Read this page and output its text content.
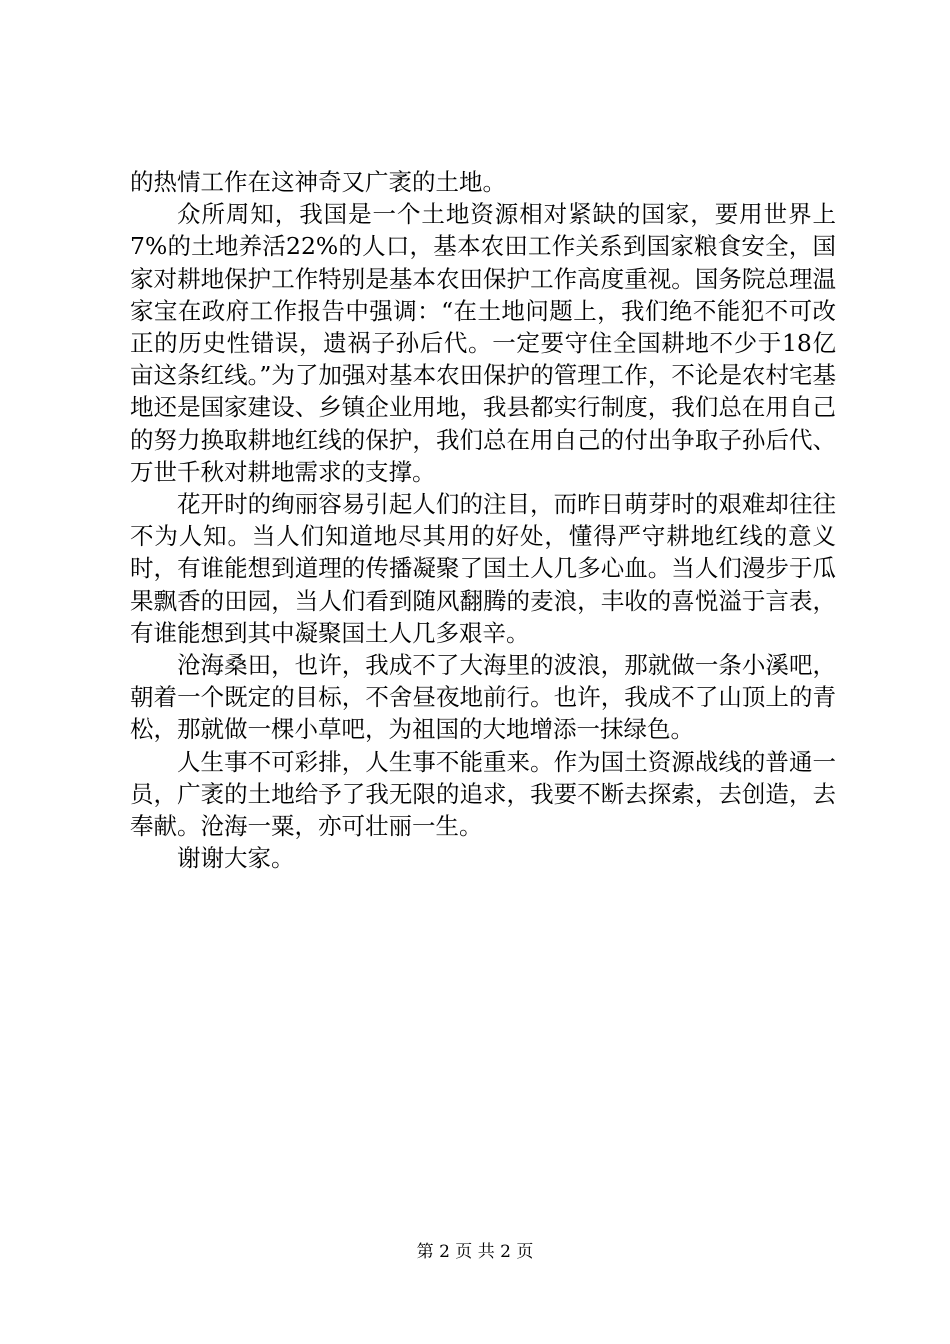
的热情工作在这神奇又广袤的土地。

众所周知，我国是一个土地资源相对紧缺的国家，要用世界上7%的土地养活22%的人口，基本农田工作关系到国家粮食安全，国家对耕地保护工作特别是基本农田保护工作高度重视。国务院总理温家宝在政府工作报告中强调：“在土地问题上，我们绝不能犯不可改正的历史性错误，遗祸子孙后代。一定要守住全国耕地不少于18亿亩这条红线。”为了加强对基本农田保护的管理工作，不论是农村宅基地还是国家建设、乡镇企业用地，我县都实行制度，我们总在用自己的努力换取耕地红线的保护，我们总在用自己的付出争取子孙后代、万世千秋对耕地需求的支撑。

花开时的绚丽容易引起人们的注目，而昨日萌芽时的艰难却往往不为人知。当人们知道地尽其用的好处，懂得严守耕地红线的意义时，有谁能想到道理的传播凝聚了国土人几多心血。当人们漫步于瓜果飘香的田园，当人们看到随风翻腾的麦浪，丰收的喜悦溢于言表，有谁能想到其中凝聚国土人几多艰辛。

沧海桑田，也许，我成不了大海里的波浪，那就做一条小溪吧，朝着一个既定的目标，不舍昼夜地前行。也许，我成不了山顶上的青松，那就做一棵小草吧，为祖国的大地增添一抹绿色。

人生事不可彩排，人生事不能重来。作为国土资源战线的普通一员，广袤的土地给予了我无限的追求，我要不断去探索，去创造，去奉献。沧海一粟，亦可壮丽一生。

谢谢大家。

第 2 页 共 2 页
